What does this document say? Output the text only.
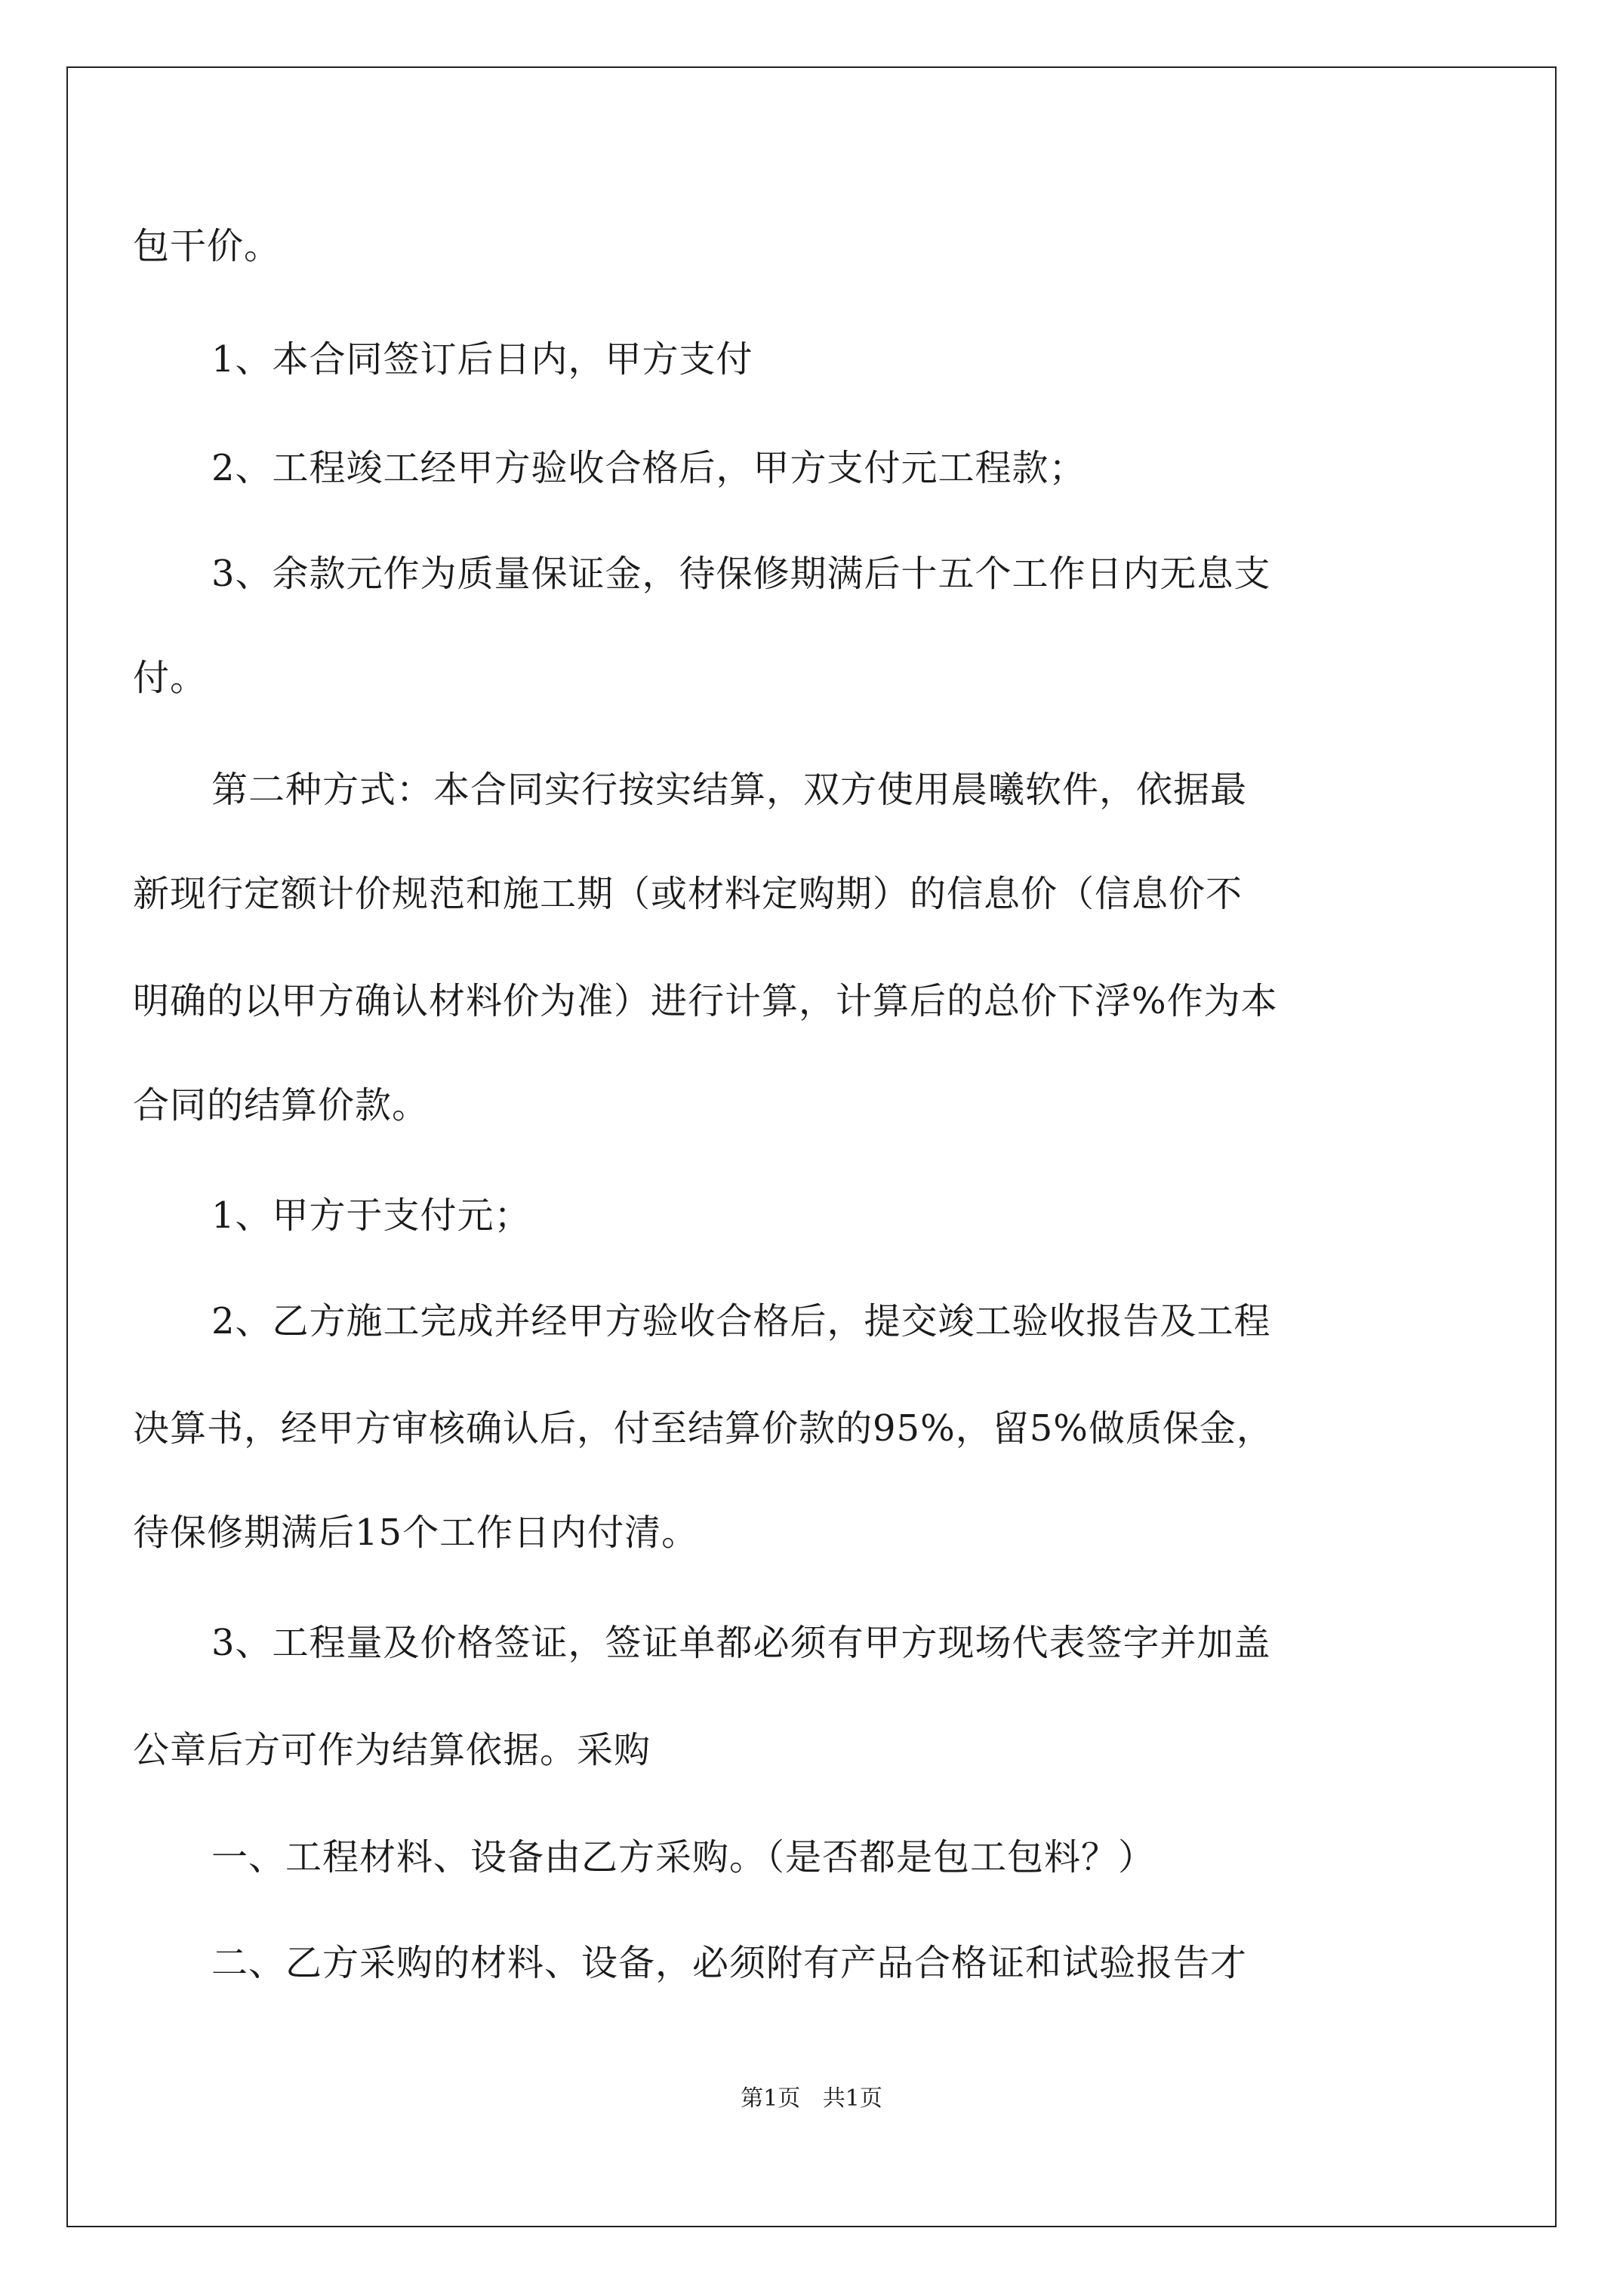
包干价。
1、本合同签订后日内，甲方支付
2、工程竣工经甲方验收合格后，甲方支付元工程款；
3、余款元作为质量保证金，待保修期满后十五个工作日内无息支
付。
第二种方式：本合同实行按实结算，双方使用晨曦软件，依据最
新现行定额计价规范和施工期（或材料定购期）的信息价（信息价不
明确的以甲方确认材料价为准）进行计算，计算后的总价下浮%作为本
合同的结算价款。
1、甲方于支付元；
2、乙方施工完成并经甲方验收合格后，提交竣工验收报告及工程
决算书，经甲方审核确认后，付至结算价款的95%，留5%做质保金，
待保修期满后15个工作日内付清。
3、工程量及价格签证，签证单都必须有甲方现场代表签字并加盖
公章后方可作为结算依据。采购
一、工程材料、设备由乙方采购。（是否都是包工包料？）
二、乙方采购的材料、设备，必须附有产品合格证和试验报告才
第1页 共1页
